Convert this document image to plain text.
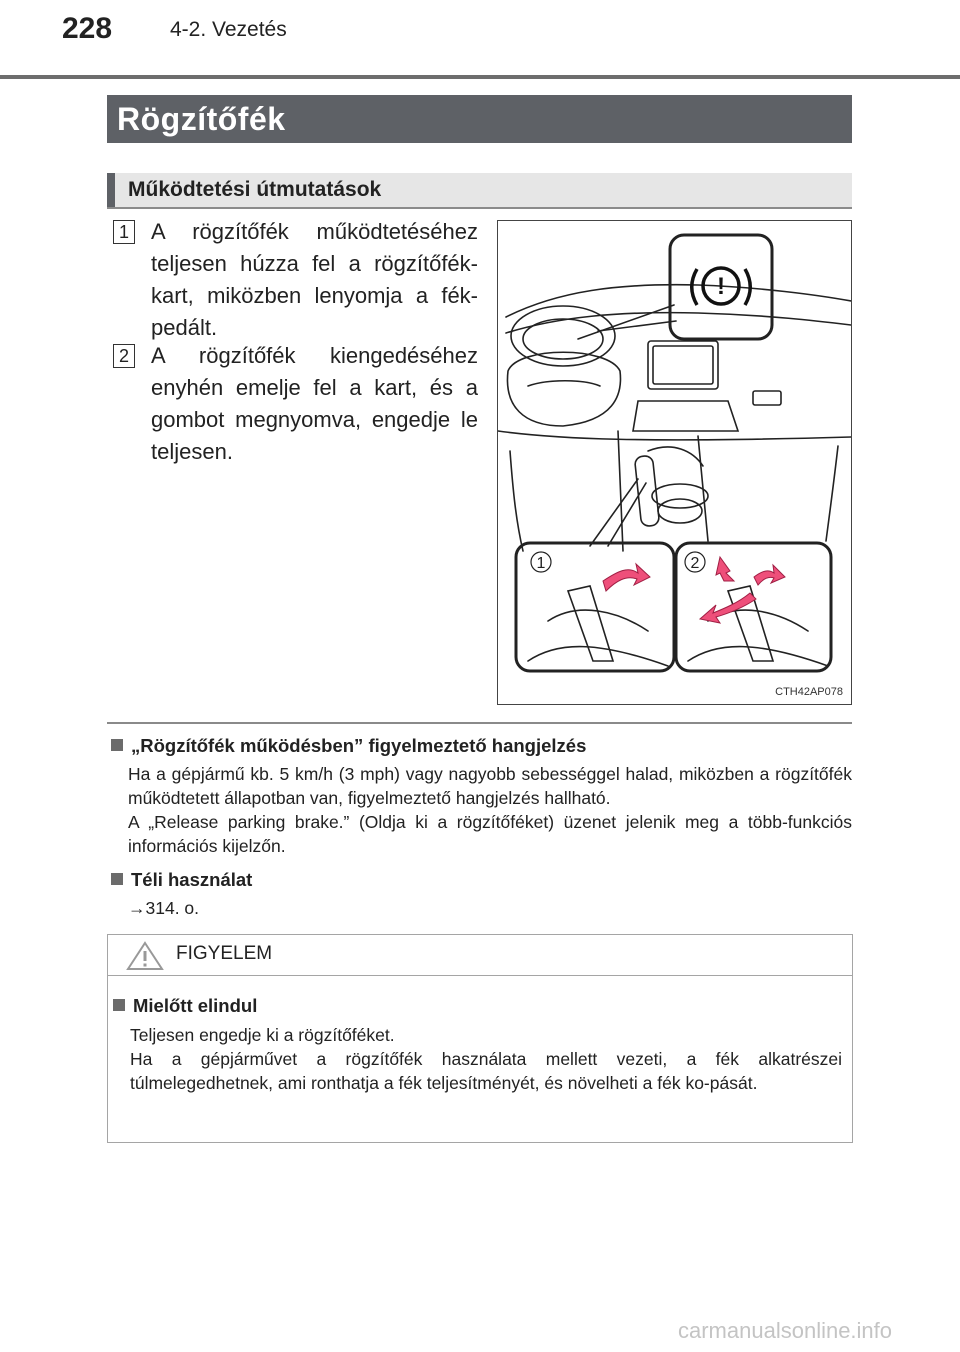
228	4-2. Vezetés
Rögzítőfék
Működtetési útmutatások
1 A rögzítőfék működtetéséhez teljesen húzza fel a rögzítőfék-kart, miközben lenyomja a fék-pedált.
2 A rögzítőfék kiengedéséhez enyhén emelje fel a kart, és a gombot megnyomva, engedje le teljesen.
!
1	2
CTH42AP078
„Rögzítőfék működésben” figyelmeztető hangjelzés

Ha a gépjármű kb. 5 km/h (3 mph) vagy nagyobb sebességgel halad, miközben a rögzítőfék működtetett állapotban van, figyelmeztető hangjelzés hallható.

A „Release parking brake.” (Oldja ki a rögzítőféket) üzenet jelenik meg a több-funkciós információs kijelzőn.

Téli használat

→314. o.

FIGYELEM
Mielőtt elindul

Teljesen engedje ki a rögzítőféket.

Ha a gépjárművet a rögzítőfék használata mellett vezeti, a fék alkatrészei túlmelegedhetnek, ami ronthatja a fék teljesítményét, és növelheti a fék ko-pását.

carmanualsonline.info
